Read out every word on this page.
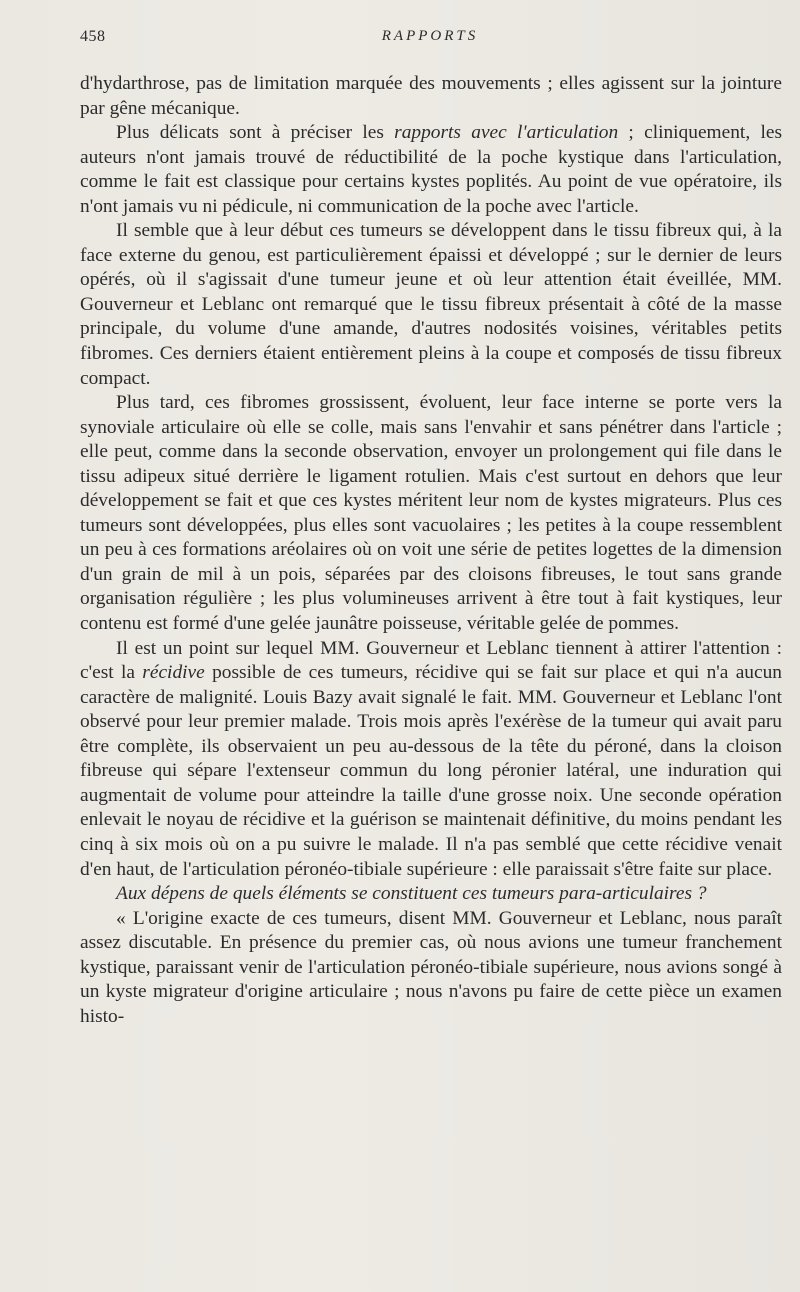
458	RAPPORTS

d'hydarthrose, pas de limitation marquée des mouvements ; elles agissent sur la jointure par gêne mécanique.

Plus délicats sont à préciser les rapports avec l'articulation ; cliniquement, les auteurs n'ont jamais trouvé de réductibilité de la poche kystique dans l'articulation, comme le fait est classique pour certains kystes poplités. Au point de vue opératoire, ils n'ont jamais vu ni pédicule, ni communication de la poche avec l'article.

Il semble que à leur début ces tumeurs se développent dans le tissu fibreux qui, à la face externe du genou, est particulièrement épaissi et développé ; sur le dernier de leurs opérés, où il s'agissait d'une tumeur jeune et où leur attention était éveillée, MM. Gouverneur et Leblanc ont remarqué que le tissu fibreux présentait à côté de la masse principale, du volume d'une amande, d'autres nodosités voisines, véritables petits fibromes. Ces derniers étaient entièrement pleins à la coupe et composés de tissu fibreux compact.

Plus tard, ces fibromes grossissent, évoluent, leur face interne se porte vers la synoviale articulaire où elle se colle, mais sans l'envahir et sans pénétrer dans l'article ; elle peut, comme dans la seconde observation, envoyer un prolongement qui file dans le tissu adipeux situé derrière le ligament rotulien. Mais c'est surtout en dehors que leur développement se fait et que ces kystes méritent leur nom de kystes migrateurs. Plus ces tumeurs sont développées, plus elles sont vacuolaires ; les petites à la coupe ressemblent un peu à ces formations aréolaires où on voit une série de petites logettes de la dimension d'un grain de mil à un pois, séparées par des cloisons fibreuses, le tout sans grande organisation régulière ; les plus volumineuses arrivent à être tout à fait kystiques, leur contenu est formé d'une gelée jaunâtre poisseuse, véritable gelée de pommes.

Il est un point sur lequel MM. Gouverneur et Leblanc tiennent à attirer l'attention : c'est la récidive possible de ces tumeurs, récidive qui se fait sur place et qui n'a aucun caractère de malignité. Louis Bazy avait signalé le fait. MM. Gouverneur et Leblanc l'ont observé pour leur premier malade. Trois mois après l'exérèse de la tumeur qui avait paru être complète, ils observaient un peu au-dessous de la tête du péroné, dans la cloison fibreuse qui sépare l'extenseur commun du long péronier latéral, une induration qui augmentait de volume pour atteindre la taille d'une grosse noix. Une seconde opération enlevait le noyau de récidive et la guérison se maintenait définitive, du moins pendant les cinq à six mois où on a pu suivre le malade. Il n'a pas semblé que cette récidive venait d'en haut, de l'articulation péronéo-tibiale supérieure : elle paraissait s'être faite sur place.

Aux dépens de quels éléments se constituent ces tumeurs para-articulaires ?

« L'origine exacte de ces tumeurs, disent MM. Gouverneur et Leblanc, nous paraît assez discutable. En présence du premier cas, où nous avions une tumeur franchement kystique, paraissant venir de l'articulation péronéo-tibiale supérieure, nous avions songé à un kyste migrateur d'origine articulaire ; nous n'avons pu faire de cette pièce un examen histo-
